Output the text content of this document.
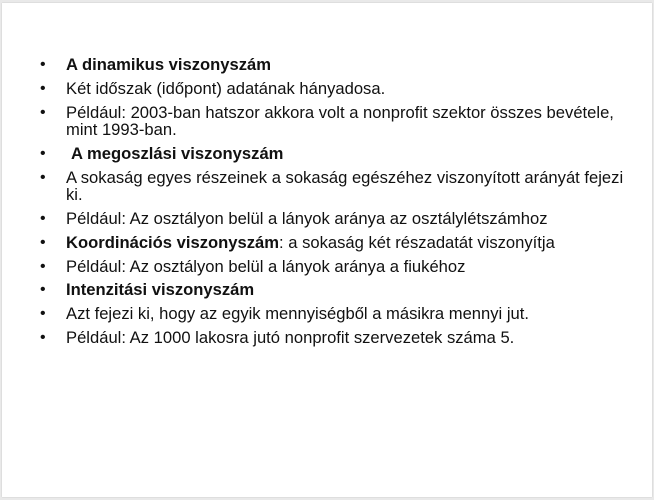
• A dinamikus viszonyszám
• Két időszak (időpont) adatának hányadosa.
• Például: 2003-ban hatszor akkora volt a nonprofit szektor összes bevétele, mint 1993-ban.
• A megoszlási viszonyszám
• A sokaság egyes részeinek a sokaság egészéhez viszonyított arányát fejezi ki.
• Például: Az osztályon belül a lányok aránya az osztálylétszámhoz
• Koordinációs viszonyszám: a sokaság két részadatát viszonyítja
• Például: Az osztályon belül a lányok aránya a fiukéhoz
• Intenzitási viszonyszám
• Azt fejezi ki, hogy az egyik mennyiségből a másikra mennyi jut.
• Például: Az 1000 lakosra jutó nonprofit szervezetek száma 5.
